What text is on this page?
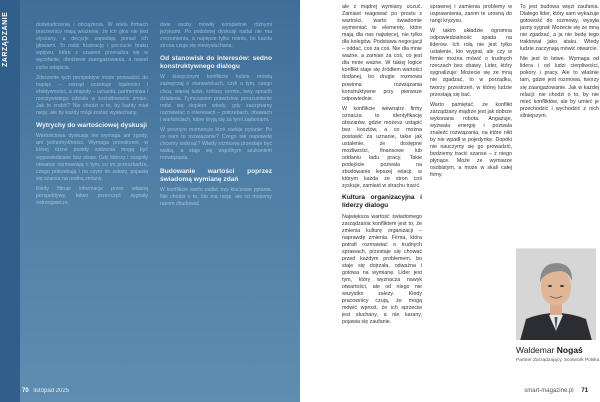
ZARZĄDZANIE	doświadczenia i obciążenia. W wielu firmach pracownicy mają wrażenie, że ich głos nie jest słyszany, a decyzje zapadają ponad ich głowami. To rodzi frustrację i poczucie braku wpływu, które z czasem przeradza się w wycofanie, obniżenie zaangażowania, a nawet ciche odejścia.

Zderzenie tych perspektyw może prowadzić do napięć – zarząd oczekuje lojalności i efektywności, a zespoły – uznania, partnerstwa i rzeczywistego udziału w kształtowaniu zmian. Jak to zrobić? Nie chodzi o to, by każdy miał rację, ale by każdy mógł zostać wysłuchany.

Wytrychy do wartościowej dyskusji

Wartościowa dyskusja nie wymaga ani zgody, ani jednomyślności. Wymaga przestrzeni, w której różne punkty widzenia mogą być wypowiedziane bez obaw. Gdy liderzy i zespoły otwarcie rozmawiają o tym, co im przeszkadza, czego potrzebują i na czym im zależy, pojawia się szansa na realną zmianę.

Kiedy filtruje informacje przez własną perspektywę, łatwo przeoczyć sygnały ostrzegawcze.

dwie osoby mówiły kompletnie różnymi językami. Po podobnej dyskusji nadal nie ma zrozumienia, a napięcie tylko rośnie, bo każda strona czuje się niewysłuchana.

Od stanowisk do interesów: sedno konstruktywnego dialogu

W klasycznym konflikcie ludzie mówią zazwyczaj o stanowiskach, czyli o tym, czego chcą: więcej ludzi, krótszy termin, inny sposób działania. Tymczasem prawdziwe porozumienie rodzi się dopiero wtedy, gdy zaczynamy rozmawiać o interesach – potrzebach, obawach i wartościach, które kryją się za tymi żądaniami.

W pewnym momencie ktoś zadaje pytanie: Po co nam to rozwiązanie? Czego tak naprawdę chcemy uniknąć? Wtedy rozmowa przestaje być walką, a staje się wspólnym szukaniem rozwiązania.

Budowanie wartości poprzez świadomą wymianę zdań

W konflikcie warto zadać trzy kluczowe pytania. Nie chodzi o to, kto ma rację, ale co możemy razem zbudować.

70 listopad 2025

ale z mądrej wymiany uczuć. Zamiast reagować po prostu z wartości, warto świadomie wymieniać te elementy, które mają dla nas najwięcej, nie tylko dla kolegów. Podstawa negocjacji – oddać, cos za coś. Nie dla mnie ważne, a zamian za coś, co jest dla mnie ważne. W takiej logice konflikt staje się źródłem wartości dodanej, bo drugie rozmowa powinna rozwiązania konstruktywne przy pierwsze odpowiednie.

W konflikcie wewnątrz firmy oznacza to identyfikację obszarów, gdzie możesz ustąpić bez kosztów, a co można postawić za uznanie, takie jak ustalenie, że dostępne możliwości, finansowe lub oddaniu ładu pracy. Takie podejście pozwala na zbudowanie lepszej relacji, w którym każda ze stron coś zyskuje, zamiast w strachu tracić.

Kultura organizacyjna i liderzy dialogu

Największa wartość świadomego zarządzania konfliktem jest to, że zmienia kulturę organizacji – naprawdę zmienia. Firma, która potrafi rozmawiać o trudnych sprawach, przestaje się chować przed każdym problemem, bo staje się dojrzała, odważna i gotowa na wymianę. Lider jest tym, który wyznacza nawyk otwartości, ale od niego nie wszystko zależy. Kiedy pracownicy czują, że mogą mówić wprost, że ich sprzeciw jest słuchany, a nie karany, pojawia się zaufanie.

sprawnej i zamienia problemy w usprawnienia, zanim te urosną do rangi kryzysu.

W takim układzie ogromna odpowiedzialność spada na liderów. Ich rolą nie jest tylko ustalenie, kto wygrał, ale czy w firmie można mówić o trudnych rzeczach bez obawy. Lider, który sygnalizuje: Możecie się ze mną nie zgadzać, to w porządku, tworzy przestrzeń, w której ludzie przestają się bać.

Warto pamiętać, że konflikt zarządzany mądrze jest jak dobrze wykonana robota. Angażuje, wyzwala energię i pozwala znaleźć rozwiązania, na które nikt by nie wpadł w pojedynkę. Dopóki nie nauczymy się go prowadzić, będziemy tracić szanse – z niego płynące. Może ze wymiarze osobistym, a może w skali całej firmy.

To jest budowa więzi zaufania. Dlatego lider, który sam wykazuje gotowość do rozmowy, wysyła jasny sygnał: Możecie się ze mną nie zgadzać, a ja nie będę tego traktował jako ataku. Wtedy ludzie zaczynają mówić otwarcie.

Nie jest to łatwe. Wymaga od lidera i od ludzi cierpliwości, pokory i pracy. Ale to właśnie tam, gdzie jest rozmowa, tworzy się zaangażowanie. Jak w każdej relacji: nie chodzi o to, by nie mieć konfliktów, ale by umieć je przechodzić i wychodzić z nich silniejszym.

Waldemar Nogaś
Partner Zarządzający, Scotwork Polska
smart-magazine.pl 71
